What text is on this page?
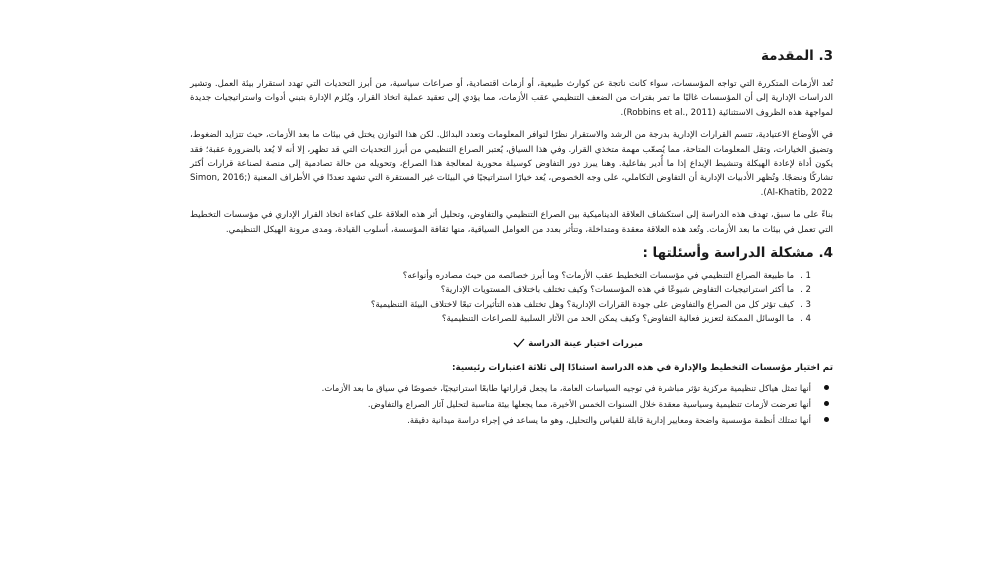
3. المقدمة

تُعد الأزمات المتكررة التي تواجه المؤسسات، سواء كانت ناتجة عن كوارث طبيعية، أو أزمات اقتصادية، أو صراعات سياسية، من أبرز التحديات التي تهدد استقرار بيئة العمل. وتشير الدراسات الإدارية إلى أن المؤسسات غالبًا ما تمر بفترات من الضعف التنظيمي عقب الأزمات، مما يؤدي إلى تعقيد عملية اتخاذ القرار، ويُلزم الإدارة بتبني أدوات واستراتيجيات جديدة لمواجهة هذه الظروف الاستثنائية (Robbins et al., 2011).

في الأوضاع الاعتيادية، تتسم القرارات الإدارية بدرجة من الرشد والاستقرار نظرًا لتوافر المعلومات وتعدد البدائل. لكن هذا التوازن يختل في بيئات ما بعد الأزمات، حيث تتزايد الضغوط، وتضيق الخيارات، وتقل المعلومات المتاحة، مما يُصعّب مهمة متخذي القرار. وفي هذا السياق، يُعتبر الصراع التنظيمي من أبرز التحديات التي قد تظهر، إلا أنه لا يُعد بالضرورة عقبة؛ فقد يكون أداة لإعادة الهيكلة وتنشيط الإبداع إذا ما أُدير بفاعلية. وهنا يبرز دور التفاوض كوسيلة محورية لمعالجة هذا الصراع، وتحويله من حالة تصادمية إلى منصة لصناعة قرارات أكثر تشاركًا ونضجًا. وتُظهر الأدبيات الإدارية أن التفاوض التكاملي، على وجه الخصوص، يُعد خيارًا استراتيجيًا في البيئات غير المستقرة التي تشهد تعددًا في الأطراف المعنية (Simon, 2016; Al-Khatib, 2022).

بناءً على ما سبق، تهدف هذه الدراسة إلى استكشاف العلاقة الديناميكية بين الصراع التنظيمي والتفاوض، وتحليل أثر هذه العلاقة على كفاءة اتخاذ القرار الإداري في مؤسسات التخطيط التي تعمل في بيئات ما بعد الأزمات. وتُعد هذه العلاقة معقدة ومتداخلة، وتتأثر بعدد من العوامل السياقية، منها ثقافة المؤسسة، أسلوب القيادة، ومدى مرونة الهيكل التنظيمي.

4. مشكلة الدراسة وأسئلتها :
1 .ما طبيعة الصراع التنظيمي في مؤسسات التخطيط عقب الأزمات؟ وما أبرز خصائصه من حيث مصادره وأنواعه؟
2 .ما أكثر استراتيجيات التفاوض شيوعًا في هذه المؤسسات؟ وكيف تختلف باختلاف المستويات الإدارية؟
3 .كيف تؤثر كل من الصراع والتفاوض على جودة القرارات الإدارية؟ وهل تختلف هذه التأثيرات تبعًا لاختلاف البيئة التنظيمية؟
4 .ما الوسائل الممكنة لتعزيز فعالية التفاوض؟ وكيف يمكن الحد من الآثار السلبية للصراعات التنظيمية؟
مبررات اختيار عينة الدراسة
تم اختيار مؤسسات التخطيط والإدارة في هذه الدراسة استنادًا إلى ثلاثة اعتبارات رئيسية:
أنها تمثل هياكل تنظيمية مركزية تؤثر مباشرة في توجيه السياسات العامة، ما يجعل قراراتها طابعًا استراتيجيًا، خصوصًا في سياق ما بعد الأزمات.
أنها تعرضت لأزمات تنظيمية وسياسية معقدة خلال السنوات الخمس الأخيرة، مما يجعلها بيئة مناسبة لتحليل آثار الصراع والتفاوض.
أنها تمتلك أنظمة مؤسسية واضحة ومعايير إدارية قابلة للقياس والتحليل، وهو ما يساعد في إجراء دراسة ميدانية دقيقة.
